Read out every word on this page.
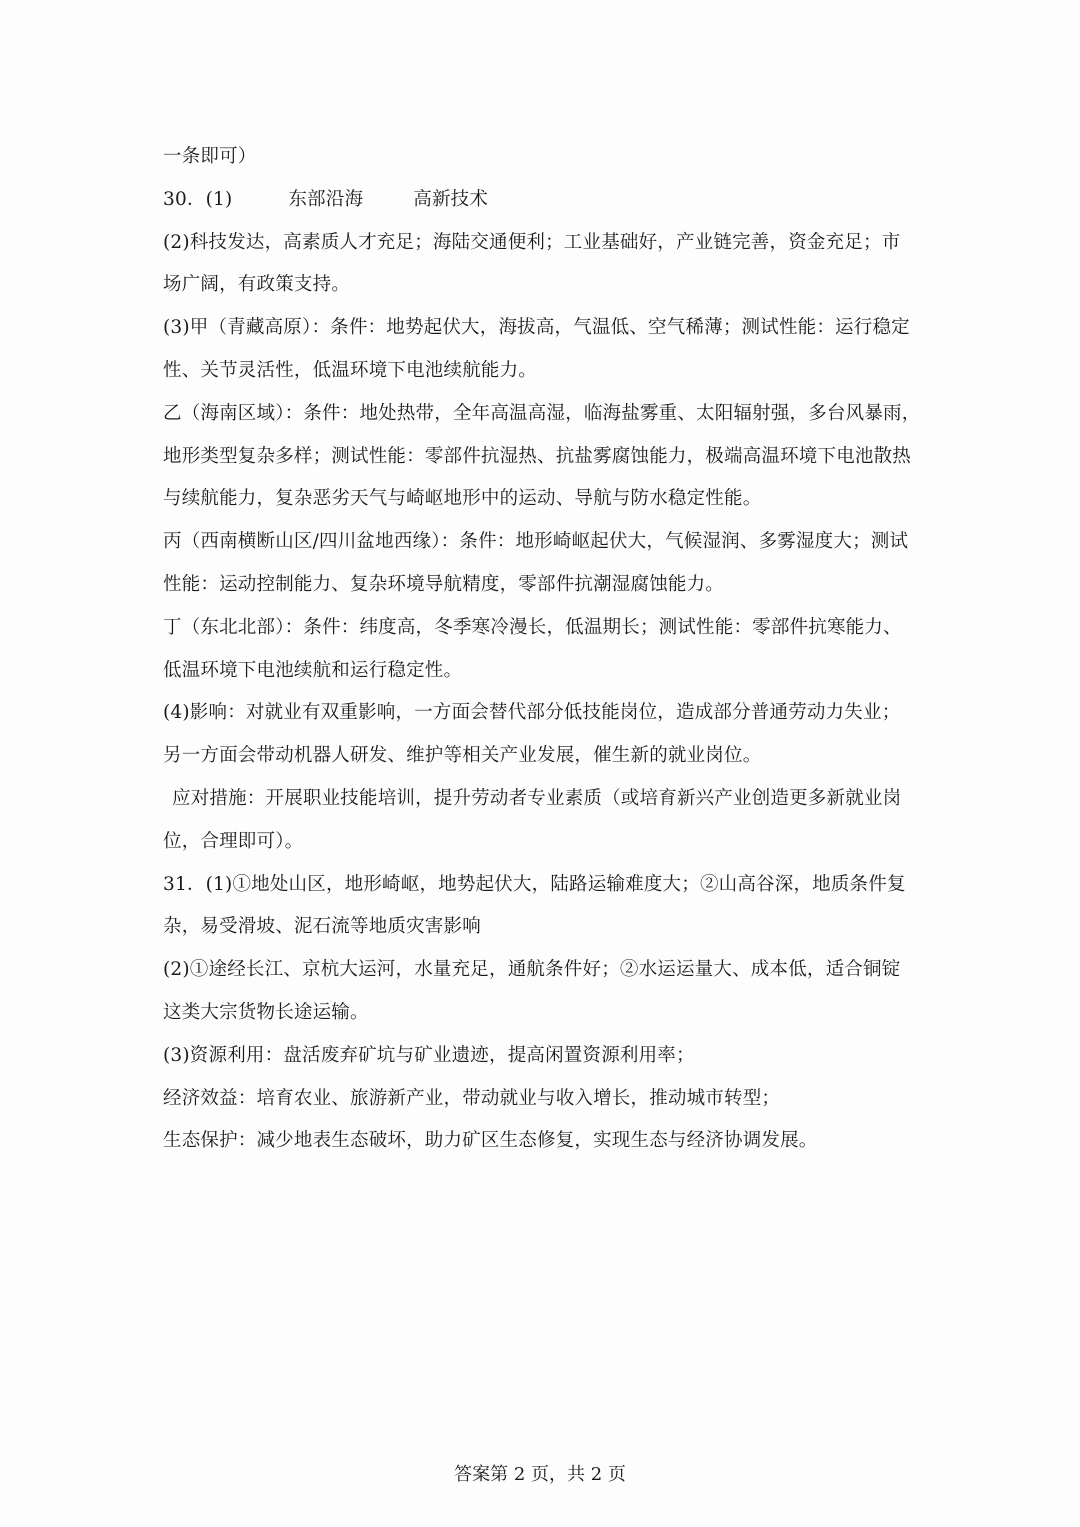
一条即可）
30．(1)	东部沿海	高新技术
(2)科技发达，高素质人才充足；海陆交通便利；工业基础好，产业链完善，资金充足；市
场广阔，有政策支持。
(3)甲（青藏高原）：条件：地势起伏大，海拔高，气温低、空气稀薄；测试性能：运行稳定
性、关节灵活性，低温环境下电池续航能力。
乙（海南区域）：条件：地处热带，全年高温高湿，临海盐雾重、太阳辐射强，多台风暴雨，
地形类型复杂多样；测试性能：零部件抗湿热、抗盐雾腐蚀能力，极端高温环境下电池散热
与续航能力，复杂恶劣天气与崎岖地形中的运动、导航与防水稳定性能。
丙（西南横断山区/四川盆地西缘）：条件：地形崎岖起伏大，气候湿润、多雾湿度大；测试
性能：运动控制能力、复杂环境导航精度，零部件抗潮湿腐蚀能力。
丁（东北北部）：条件：纬度高，冬季寒冷漫长，低温期长；测试性能：零部件抗寒能力、
低温环境下电池续航和运行稳定性。
(4)影响：对就业有双重影响，一方面会替代部分低技能岗位，造成部分普通劳动力失业；
另一方面会带动机器人研发、维护等相关产业发展，催生新的就业岗位。
应对措施：开展职业技能培训，提升劳动者专业素质（或培育新兴产业创造更多新就业岗
位，合理即可）。
31．(1)①地处山区，地形崎岖，地势起伏大，陆路运输难度大；②山高谷深，地质条件复
杂，易受滑坡、泥石流等地质灾害影响
(2)①途经长江、京杭大运河，水量充足，通航条件好；②水运运量大、成本低，适合铜锭
这类大宗货物长途运输。
(3)资源利用：盘活废弃矿坑与矿业遗迹，提高闲置资源利用率；
经济效益：培育农业、旅游新产业，带动就业与收入增长，推动城市转型；
生态保护：减少地表生态破坏，助力矿区生态修复，实现生态与经济协调发展。
答案第 2 页，共 2 页
